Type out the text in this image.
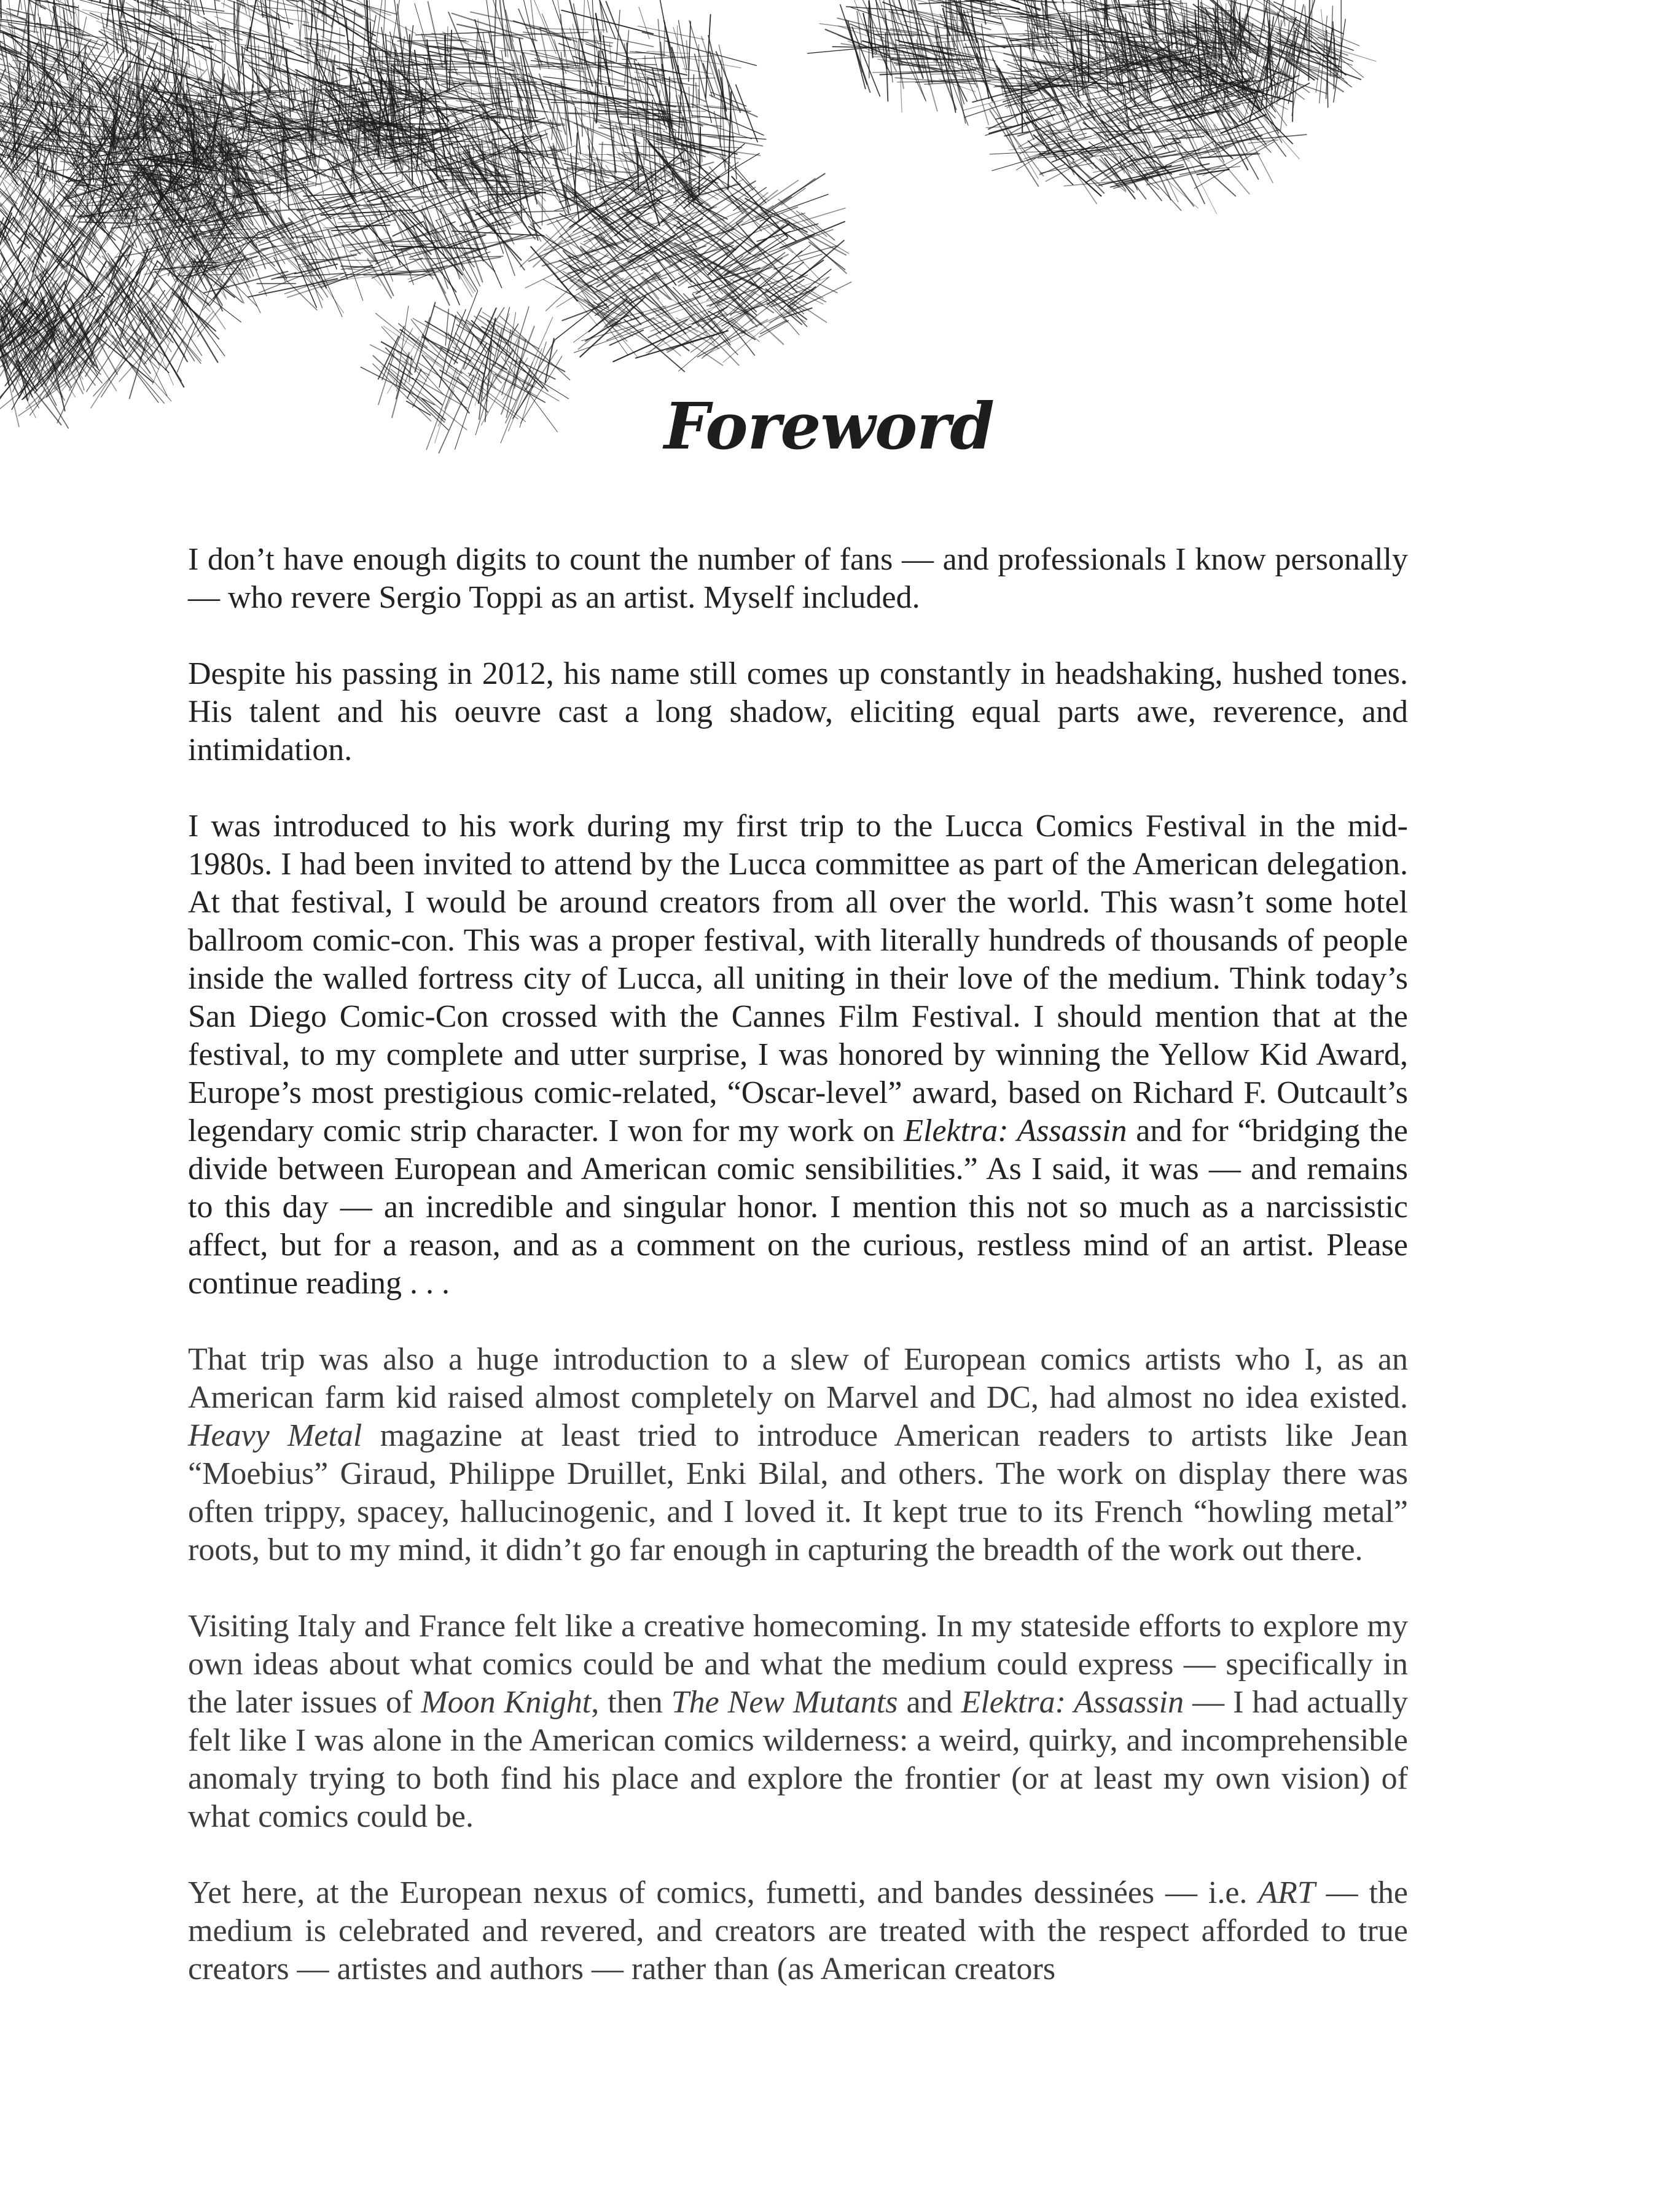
Foreword

I don’t have enough digits to count the number of fans — and professionals I know personally — who revere Sergio Toppi as an artist. Myself included.

Despite his passing in 2012, his name still comes up constantly in headshaking, hushed tones. His talent and his oeuvre cast a long shadow, eliciting equal parts awe, reverence, and intimidation.

I was introduced to his work during my first trip to the Lucca Comics Festival in the mid-1980s. I had been invited to attend by the Lucca committee as part of the American delegation. At that festival, I would be around creators from all over the world. This wasn’t some hotel ballroom comic-con. This was a proper festival, with literally hundreds of thousands of people inside the walled fortress city of Lucca, all uniting in their love of the medium. Think today’s San Diego Comic-Con crossed with the Cannes Film Festival. I should mention that at the festival, to my complete and utter surprise, I was honored by winning the Yellow Kid Award, Europe’s most prestigious comic-related, “Oscar-level” award, based on Richard F. Outcault’s legendary comic strip character. I won for my work on Elektra: Assassin and for “bridging the divide between European and American comic sensibilities.” As I said, it was — and remains to this day — an incredible and singular honor. I mention this not so much as a narcissistic affect, but for a reason, and as a comment on the curious, restless mind of an artist. Please continue reading . . .

That trip was also a huge introduction to a slew of European comics artists who I, as an American farm kid raised almost completely on Marvel and DC, had almost no idea existed. Heavy Metal magazine at least tried to introduce American readers to artists like Jean “Moebius” Giraud, Philippe Druillet, Enki Bilal, and others. The work on display there was often trippy, spacey, hallucinogenic, and I loved it. It kept true to its French “howling metal” roots, but to my mind, it didn’t go far enough in capturing the breadth of the work out there.

Visiting Italy and France felt like a creative homecoming. In my stateside efforts to explore my own ideas about what comics could be and what the medium could express — specifically in the later issues of Moon Knight, then The New Mutants and Elektra: Assassin — I had actually felt like I was alone in the American comics wilderness: a weird, quirky, and incomprehensible anomaly trying to both find his place and explore the frontier (or at least my own vision) of what comics could be.

Yet here, at the European nexus of comics, fumetti, and bandes dessinées — i.e. ART — the medium is celebrated and revered, and creators are treated with the respect afforded to true creators — artistes and authors — rather than (as American creators
